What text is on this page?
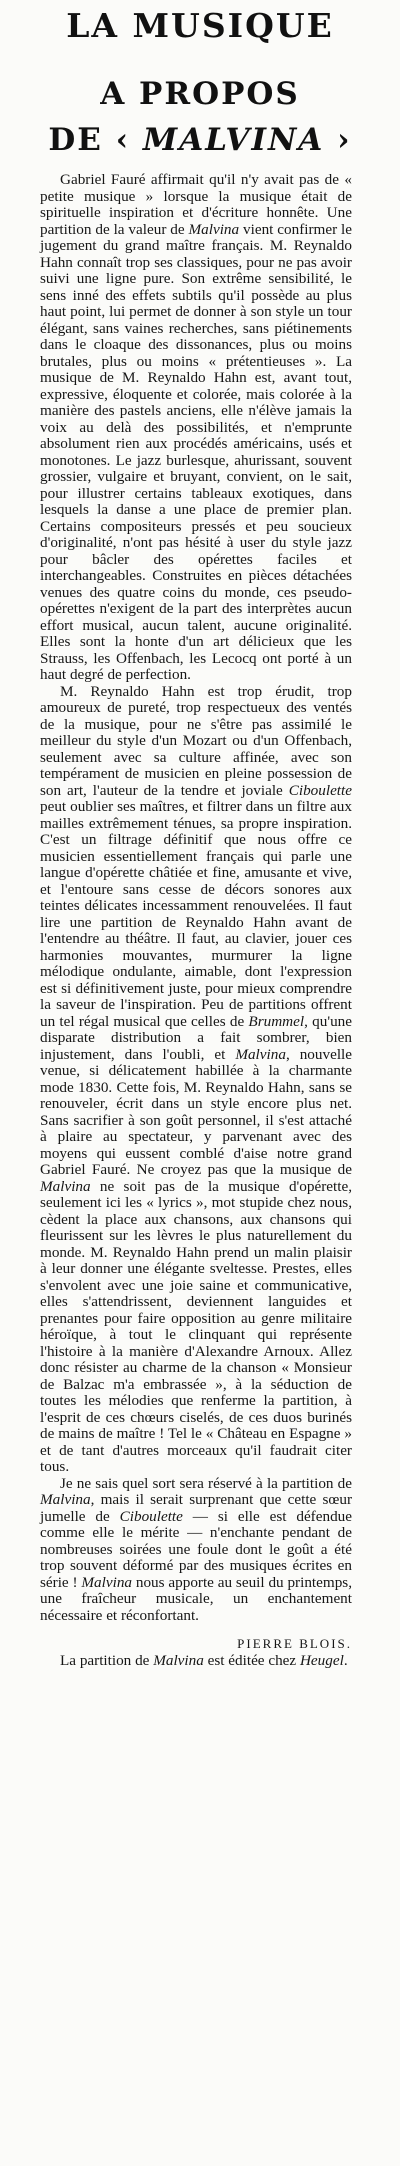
LA MUSIQUE
A PROPOS
DE ‹ MALVINA ›

Gabriel Fauré affirmait qu'il n'y avait pas de « petite musique » lorsque la musique était de spirituelle inspiration et d'écriture honnête. Une partition de la valeur de Malvina vient confirmer le jugement du grand maître français. M. Reynaldo Hahn connaît trop ses classiques, pour ne pas avoir suivi une ligne pure. Son extrême sensibilité, le sens inné des effets subtils qu'il possède au plus haut point, lui permet de donner à son style un tour élégant, sans vaines recherches, sans piétinements dans le cloaque des dissonances, plus ou moins brutales, plus ou moins « prétentieuses ». La musique de M. Reynaldo Hahn est, avant tout, expressive, éloquente et colorée, mais colorée à la manière des pastels anciens, elle n'élève jamais la voix au delà des possibilités, et n'emprunte absolument rien aux procédés américains, usés et monotones. Le jazz burlesque, ahurissant, souvent grossier, vulgaire et bruyant, convient, on le sait, pour illustrer certains tableaux exotiques, dans lesquels la danse a une place de premier plan. Certains compositeurs pressés et peu soucieux d'originalité, n'ont pas hésité à user du style jazz pour bâcler des opérettes faciles et interchangeables. Construites en pièces détachées venues des quatre coins du monde, ces pseudo-opérettes n'exigent de la part des interprètes aucun effort musical, aucun talent, aucune originalité. Elles sont la honte d'un art délicieux que les Strauss, les Offenbach, les Lecocq ont porté à un haut degré de perfection.

M. Reynaldo Hahn est trop érudit, trop amoureux de pureté, trop respectueux des ventés de la musique, pour ne s'être pas assimilé le meilleur du style d'un Mozart ou d'un Offenbach, seulement avec sa culture affinée, avec son tempérament de musicien en pleine possession de son art, l'auteur de la tendre et joviale Ciboulette peut oublier ses maîtres, et filtrer dans un filtre aux mailles extrêmement ténues, sa propre inspiration. C'est un filtrage définitif que nous offre ce musicien essentiellement français qui parle une langue d'opérette châtiée et fine, amusante et vive, et l'entoure sans cesse de décors sonores aux teintes délicates incessamment renouvelées. Il faut lire une partition de Reynaldo Hahn avant de l'entendre au théâtre. Il faut, au clavier, jouer ces harmonies mouvantes, murmurer la ligne mélodique ondulante, aimable, dont l'expression est si définitivement juste, pour mieux comprendre la saveur de l'inspiration. Peu de partitions offrent un tel régal musical que celles de Brummel, qu'une disparate distribution a fait sombrer, bien injustement, dans l'oubli, et Malvina, nouvelle venue, si délicatement habillée à la charmante mode 1830. Cette fois, M. Reynaldo Hahn, sans se renouveler, écrit dans un style encore plus net. Sans sacrifier à son goût personnel, il s'est attaché à plaire au spectateur, y parvenant avec des moyens qui eussent comblé d'aise notre grand Gabriel Fauré. Ne croyez pas que la musique de Malvina ne soit pas de la musique d'opérette, seulement ici les « lyrics », mot stupide chez nous, cèdent la place aux chansons, aux chansons qui fleurissent sur les lèvres le plus naturellement du monde. M. Reynaldo Hahn prend un malin plaisir à leur donner une élégante sveltesse. Prestes, elles s'envolent avec une joie saine et communicative, elles s'attendrissent, deviennent languides et prenantes pour faire opposition au genre militaire héroïque, à tout le clinquant qui représente l'histoire à la manière d'Alexandre Arnoux. Allez donc résister au charme de la chanson « Monsieur de Balzac m'a embrassée », à la séduction de toutes les mélodies que renferme la partition, à l'esprit de ces chœurs ciselés, de ces duos burinés de mains de maître ! Tel le « Château en Espagne » et de tant d'autres morceaux qu'il faudrait citer tous.

Je ne sais quel sort sera réservé à la partition de Malvina, mais il serait surprenant que cette sœur jumelle de Ciboulette — si elle est défendue comme elle le mérite — n'enchante pendant de nombreuses soirées une foule dont le goût a été trop souvent déformé par des musiques écrites en série ! Malvina nous apporte au seuil du printemps, une fraîcheur musicale, un enchantement nécessaire et réconfortant.

PIERRE BLOIS.

La partition de Malvina est éditée chez Heugel.
